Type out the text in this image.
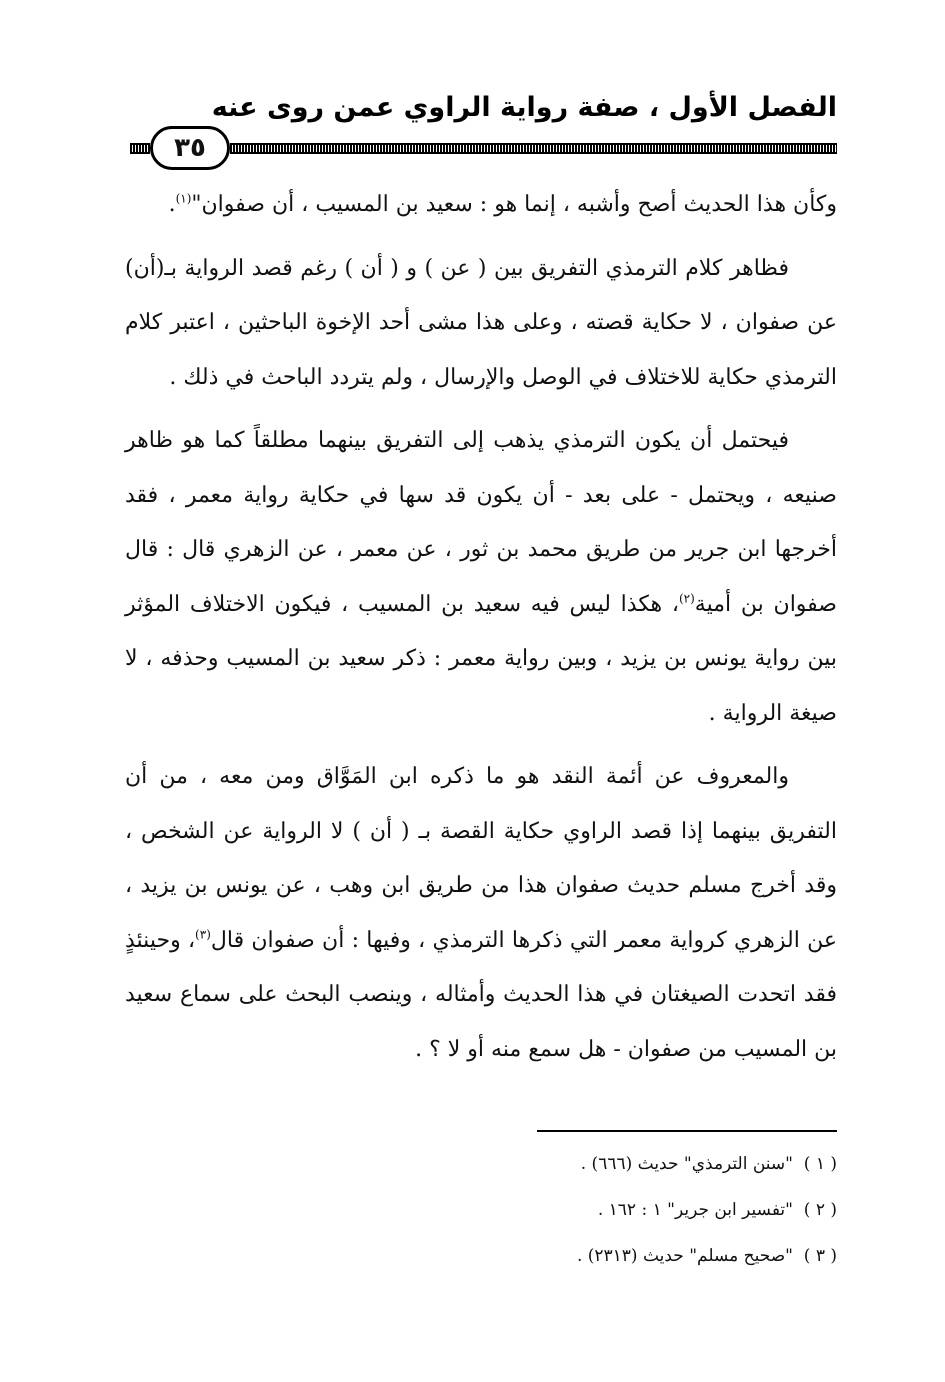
الفصل الأول ، صفة رواية الراوي عمن روى عنه
٣٥

وكأن هذا الحديث أصح وأشبه ، إنما هو : سعيد بن المسيب ، أن صفوان"$^{(١)}$.

فظاهر كلام الترمذي التفريق بين ( عن ) و ( أن ) رغم قصد الرواية بـ(أن) عن صفوان ، لا حكاية قصته ، وعلى هذا مشى أحد الإخوة الباحثين ، اعتبر كلام الترمذي حكاية للاختلاف في الوصل والإرسال ، ولم يتردد الباحث في ذلك .

فيحتمل أن يكون الترمذي يذهب إلى التفريق بينهما مطلقاً كما هو ظاهر صنيعه ، ويحتمل - على بعد - أن يكون قد سها في حكاية رواية معمر ، فقد أخرجها ابن جرير من طريق محمد بن ثور ، عن معمر ، عن الزهري قال : قال صفوان بن أمية$^{(٢)}$، هكذا ليس فيه سعيد بن المسيب ، فيكون الاختلاف المؤثر بين رواية يونس بن يزيد ، وبين رواية معمر : ذكر سعيد بن المسيب وحذفه ، لا صيغة الرواية .

والمعروف عن أئمة النقد هو ما ذكره ابن المَوَّاق ومن معه ، من أن التفريق بينهما إذا قصد الراوي حكاية القصة بـ ( أن ) لا الرواية عن الشخص ، وقد أخرج مسلم حديث صفوان هذا من طريق ابن وهب ، عن يونس بن يزيد ، عن الزهري كرواية معمر التي ذكرها الترمذي ، وفيها : أن صفوان قال$^{(٣)}$، وحينئذٍ فقد اتحدت الصيغتان في هذا الحديث وأمثاله ، وينصب البحث على سماع سعيد بن المسيب من صفوان - هل سمع منه أو لا ؟ .

( ١ )
"سنن الترمذي" حديث (٦٦٦) .
( ٢ )
"تفسير ابن جرير" ١ : ١٦٢ .
( ٣ )
"صحيح مسلم" حديث (٢٣١٣) .
